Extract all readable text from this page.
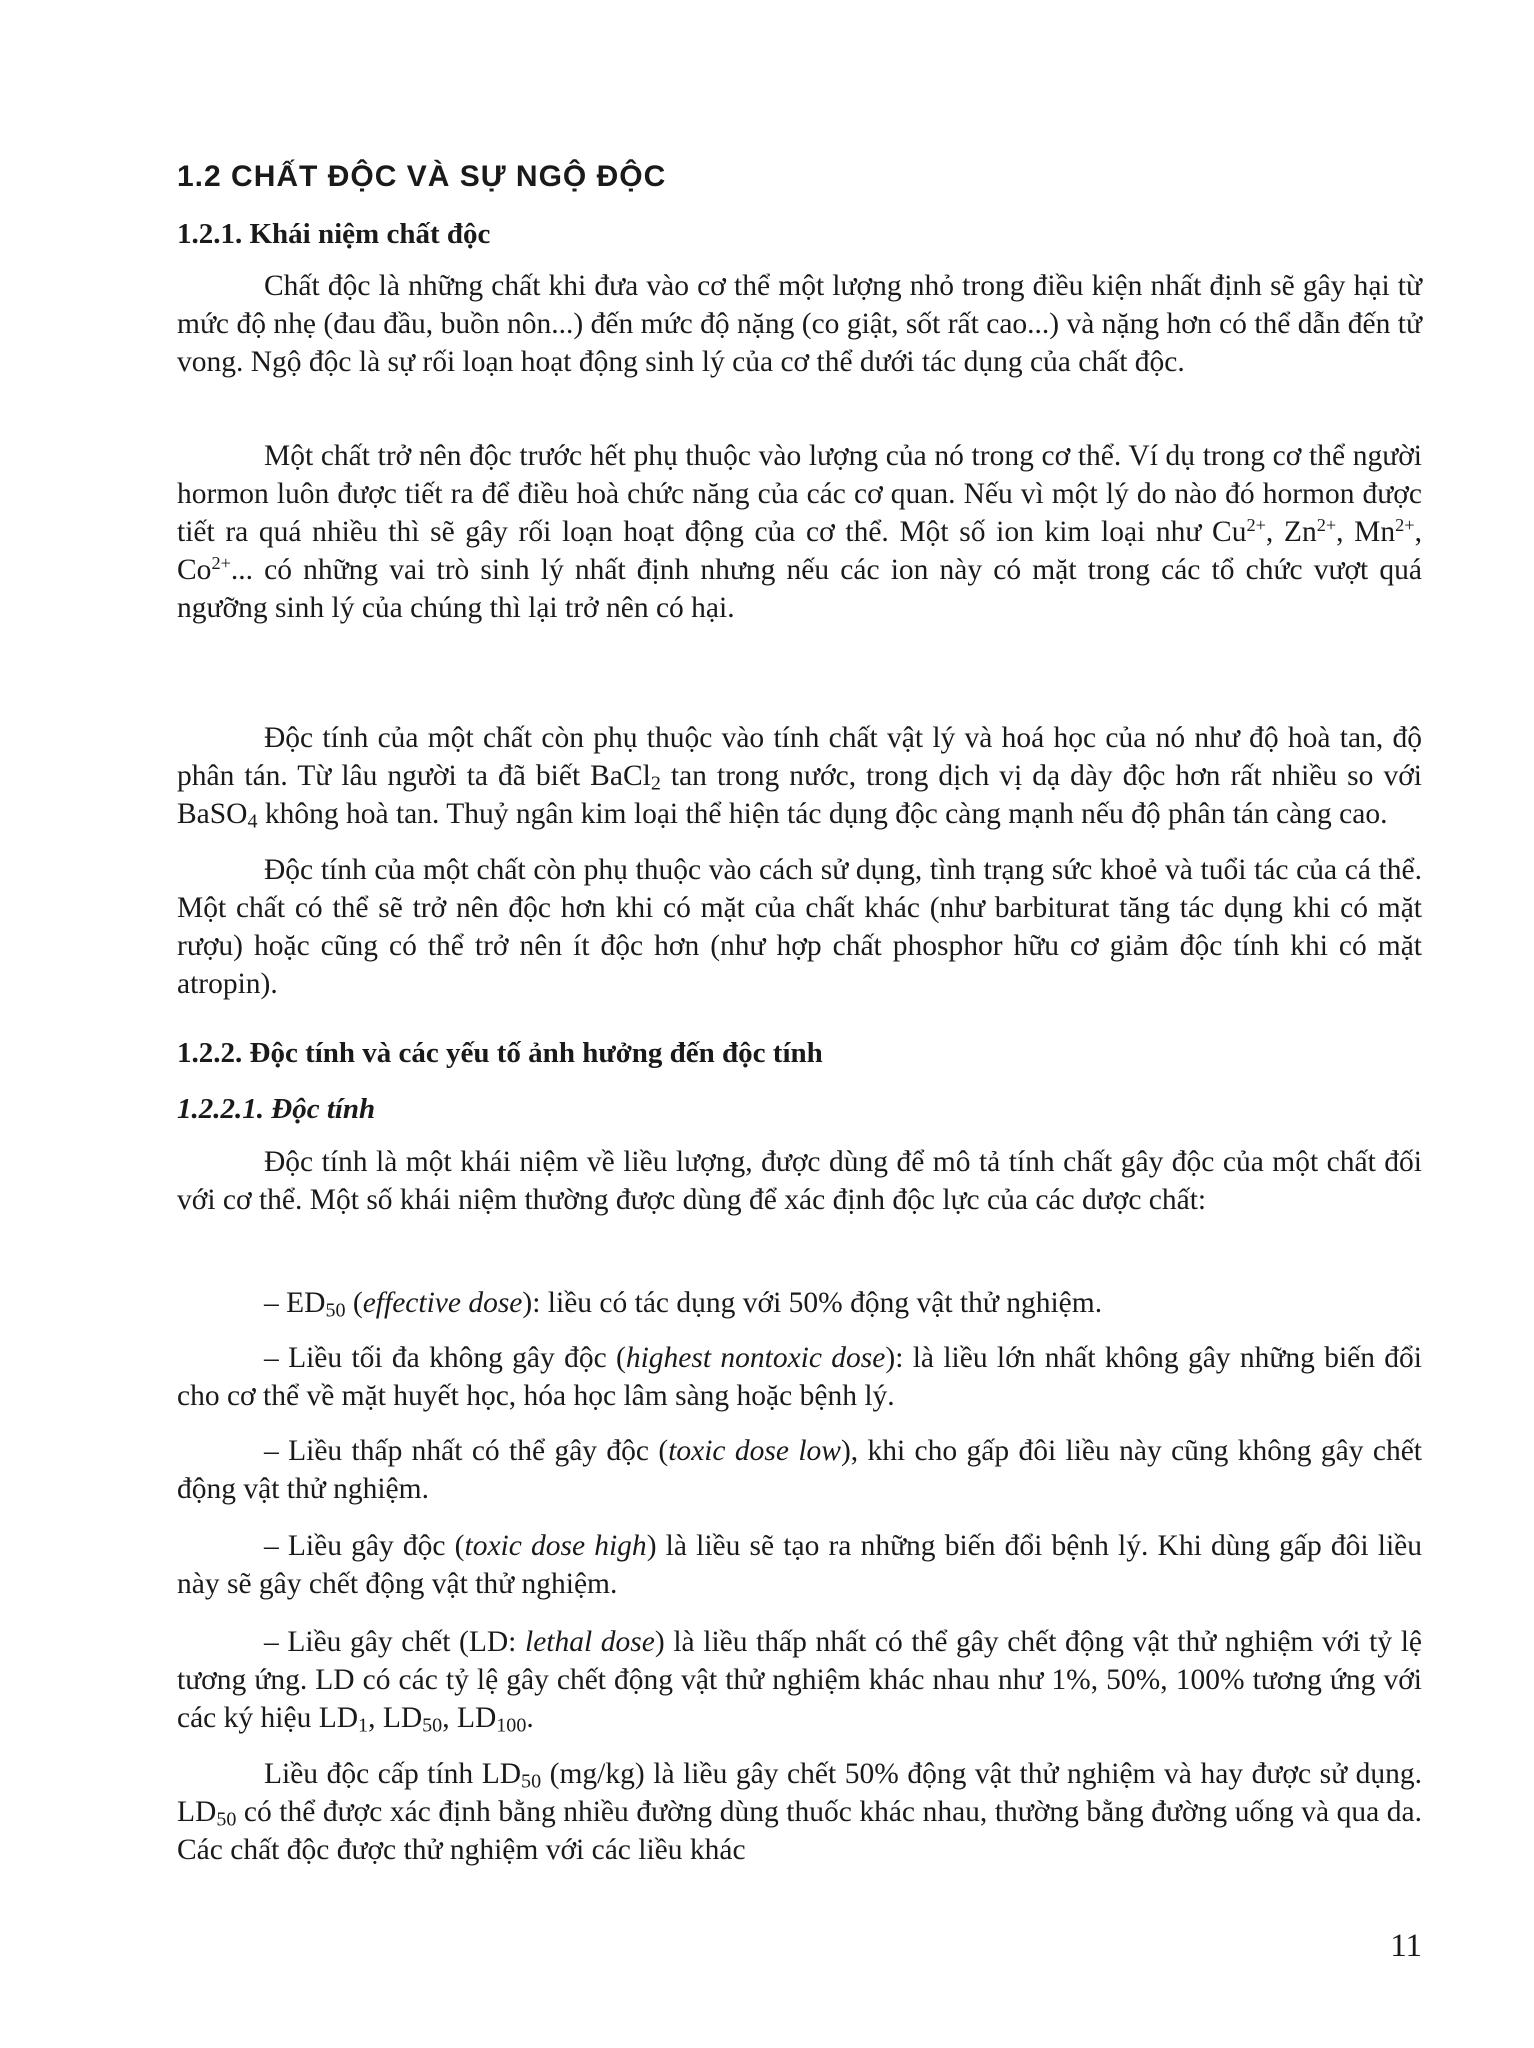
1.2 CHẤT ĐỘC VÀ SỰ NGỘ ĐỘC
1.2.1. Khái niệm chất độc

Chất độc là những chất khi đưa vào cơ thể một lượng nhỏ trong điều kiện nhất định sẽ gây hại từ mức độ nhẹ (đau đầu, buồn nôn...) đến mức độ nặng (co giật, sốt rất cao...) và nặng hơn có thể dẫn đến tử vong. Ngộ độc là sự rối loạn hoạt động sinh lý của cơ thể dưới tác dụng của chất độc.

Một chất trở nên độc trước hết phụ thuộc vào lượng của nó trong cơ thể. Ví dụ trong cơ thể người hormon luôn được tiết ra để điều hoà chức năng của các cơ quan. Nếu vì một lý do nào đó hormon được tiết ra quá nhiều thì sẽ gây rối loạn hoạt động của cơ thể. Một số ion kim loại như $Cu^{2+}$, $Zn^{2+}$, $Mn^{2+}$, $Co^{2+}$... có những vai trò sinh lý nhất định nhưng nếu các ion này có mặt trong các tổ chức vượt quá ngưỡng sinh lý của chúng thì lại trở nên có hại.

Độc tính của một chất còn phụ thuộc vào tính chất vật lý và hoá học của nó như độ hoà tan, độ phân tán. Từ lâu người ta đã biết BaCl$_2$ tan trong nước, trong dịch vị dạ dày độc hơn rất nhiều so với BaSO$_4$ không hoà tan. Thuỷ ngân kim loại thể hiện tác dụng độc càng mạnh nếu độ phân tán càng cao.

Độc tính của một chất còn phụ thuộc vào cách sử dụng, tình trạng sức khoẻ và tuổi tác của cá thể. Một chất có thể sẽ trở nên độc hơn khi có mặt của chất khác (như barbiturat tăng tác dụng khi có mặt rượu) hoặc cũng có thể trở nên ít độc hơn (như hợp chất phosphor hữu cơ giảm độc tính khi có mặt atropin).

1.2.2. Độc tính và các yếu tố ảnh hưởng đến độc tính
1.2.2.1. Độc tính

Độc tính là một khái niệm về liều lượng, được dùng để mô tả tính chất gây độc của một chất đối với cơ thể. Một số khái niệm thường được dùng để xác định độc lực của các dược chất:

– $ED_{50}$ (effective dose): liều có tác dụng với 50% động vật thử nghiệm.

– Liều tối đa không gây độc (highest nontoxic dose): là liều lớn nhất không gây những biến đổi cho cơ thể về mặt huyết học, hóa học lâm sàng hoặc bệnh lý.

– Liều thấp nhất có thể gây độc (toxic dose low), khi cho gấp đôi liều này cũng không gây chết động vật thử nghiệm.

– Liều gây độc (toxic dose high) là liều sẽ tạo ra những biến đổi bệnh lý. Khi dùng gấp đôi liều này sẽ gây chết động vật thử nghiệm.

– Liều gây chết (LD: lethal dose) là liều thấp nhất có thể gây chết động vật thử nghiệm với tỷ lệ tương ứng. LD có các tỷ lệ gây chết động vật thử nghiệm khác nhau như 1%, 50%, 100% tương ứng với các ký hiệu $LD_1$, $LD_{50}$, $LD_{100}$.

Liều độc cấp tính $LD_{50}$ (mg/kg) là liều gây chết 50% động vật thử nghiệm và hay được sử dụng. $LD_{50}$ có thể được xác định bằng nhiều đường dùng thuốc khác nhau, thường bằng đường uống và qua da. Các chất độc được thử nghiệm với các liều khác

11
